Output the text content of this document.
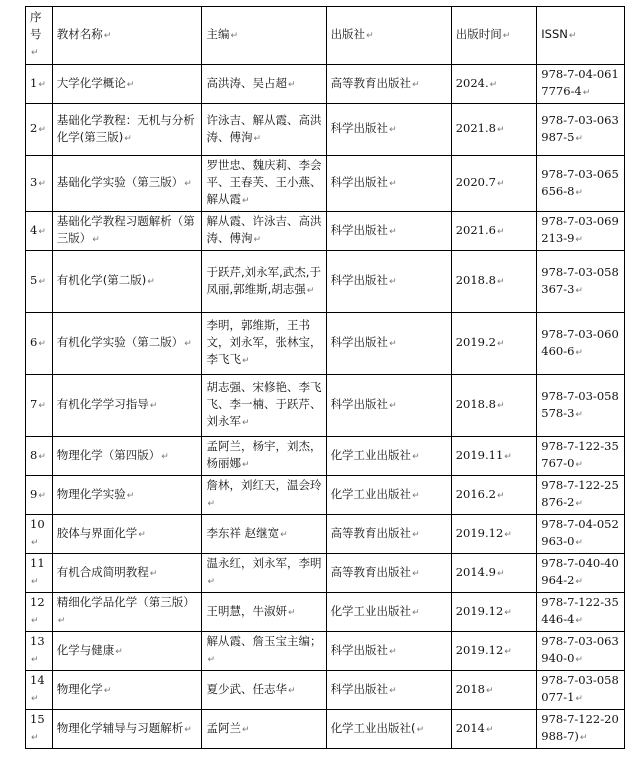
序号↵	教材名称↵	主编↵	出版社↵	出版时间↵	ISSN↵
1↵	大学化学概论↵	高洪涛、吴占超↵	高等教育出版社↵	2024.↵	978-7-04-0617776-4↵
2↵	基础化学教程：无机与分析化学(第三版)↵	许泳吉、解从霞、高洪涛、傅洵↵	科学出版社↵	2021.8↵	978-7-03-063987-5↵
3↵	基础化学实验（第三版）↵	罗世忠、魏庆莉、李会平、王春芙、王小燕、解从霞↵	科学出版社↵	2020.7↵	978-7-03-065656-8↵
4↵	基础化学教程习题解析（第三版）↵	解从霞、许泳吉、高洪涛、傅洵↵	科学出版社↵	2021.6↵	978-7-03-069213-9↵
5↵	有机化学(第二版)↵	于跃芹,刘永军,武杰,于凤丽,郭维斯,胡志强↵	科学出版社↵	2018.8↵	978-7-03-058367-3↵
6↵	有机化学实验（第二版）↵	李明，郭维斯，王书文，刘永军，张林宝，李飞飞↵	科学出版社↵	2019.2↵	978-7-03-060460-6↵
7↵	有机化学学习指导↵	胡志强、宋修艳、李飞飞、李一楠、于跃芹、刘永军↵	科学出版社↵	2018.8↵	978-7-03-058578-3↵
8↵	物理化学（第四版）↵	孟阿兰，杨宇，刘杰，杨丽娜↵	化学工业出版社↵	2019.11↵	978-7-122-35767-0↵
9↵	物理化学实验↵	詹林，刘红天，温会玲↵	化学工业出版社↵	2016.2↵	978-7-122-25876-2↵
10↵	胶体与界面化学↵	李东祥 赵继宽↵	高等教育出版社↵	2019.12↵	978-7-04-052963-0↵
11↵	有机合成简明教程↵	温永红，刘永军，李明↵	高等教育出版社↵	2014.9↵	978-7-040-40964-2↵
12↵	精细化学品化学（第三版）↵	王明慧，牛淑妍↵	化学工业出版社↵	2019.12↵	978-7-122-35446-4↵
13↵	化学与健康↵	解从霞、詹玉宝主编；↵	科学出版社↵	2019.12↵	978-7-03-063940-0↵
14↵	物理化学↵	夏少武、任志华↵	科学出版社↵	2018↵	978-7-03-058077-1↵
15↵	物理化学辅导与习题解析↵	孟阿兰↵	化学工业出版社(↵	2014↵	978-7-122-20988-7)↵
